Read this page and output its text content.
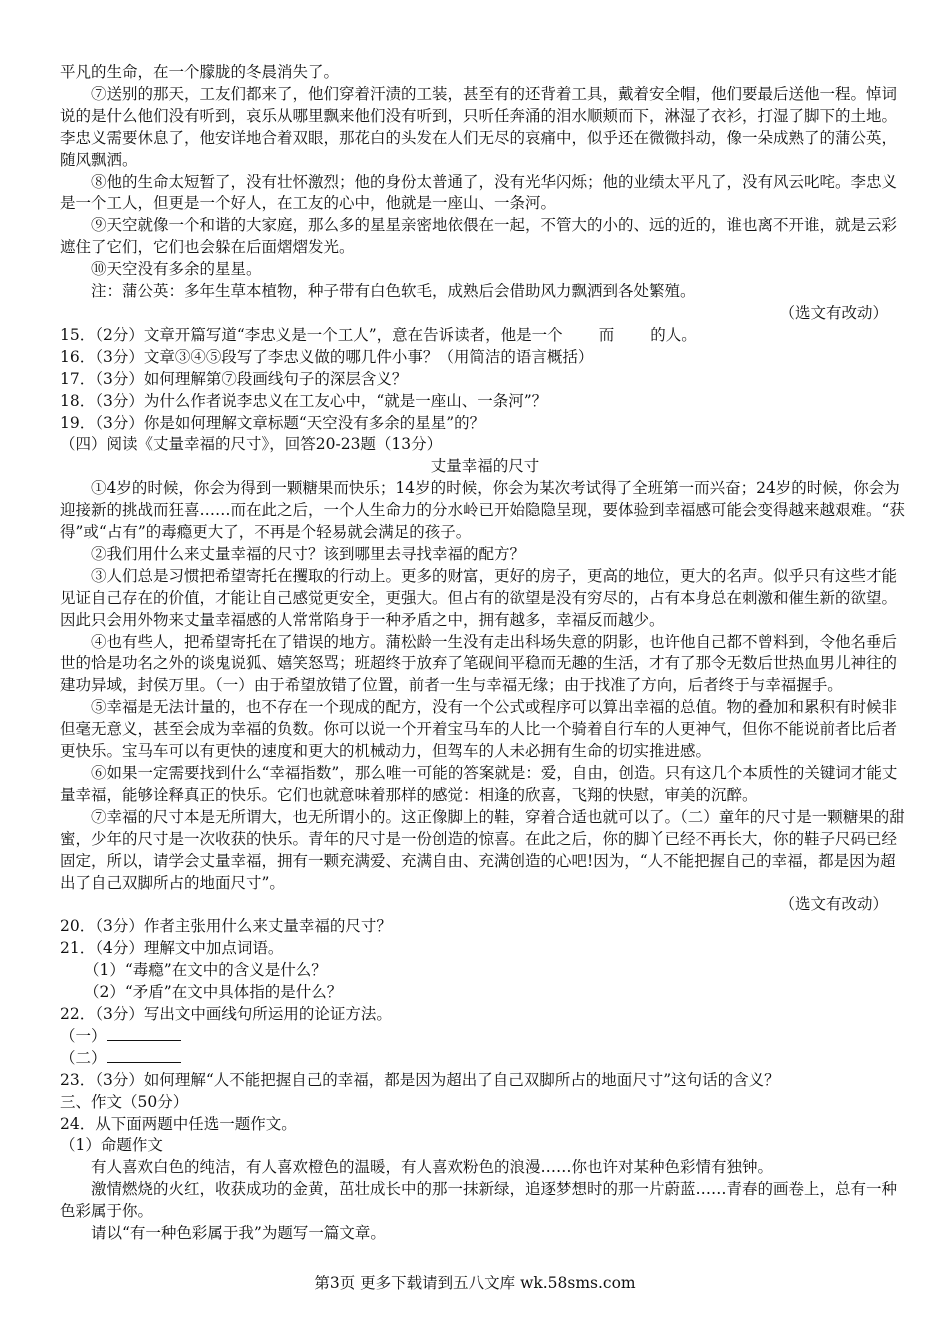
平凡的生命，在一个朦胧的冬晨消失了。

⑦送别的那天，工友们都来了，他们穿着汗渍的工装，甚至有的还背着工具，戴着安全帽，他们要最后送他一程。悼词说的是什么他们没有听到，哀乐从哪里飘来他们没有听到，只听任奔涌的泪水顺颊而下，淋湿了衣衫，打湿了脚下的土地。李忠义需要休息了，他安详地合着双眼，那花白的头发在人们无尽的哀痛中，似乎还在微微抖动，像一朵成熟了的蒲公英，随风飘洒。

⑧他的生命太短暂了，没有壮怀激烈；他的身份太普通了，没有光华闪烁；他的业绩太平凡了，没有风云叱咤。李忠义是一个工人，但更是一个好人，在工友的心中，他就是一座山、一条河。

⑨天空就像一个和谐的大家庭，那么多的星星亲密地依偎在一起，不管大的小的、远的近的，谁也离不开谁，就是云彩遮住了它们，它们也会躲在后面熠熠发光。

⑩天空没有多余的星星。

注：蒲公英：多年生草本植物，种子带有白色软毛，成熟后会借助风力飘洒到各处繁殖。

（选文有改动）

15．（2分）文章开篇写道“李忠义是一个工人”，意在告诉读者，他是一个 而 的人。

16．（3分）文章③④⑤段写了李忠义做的哪几件小事？（用简洁的语言概括）

17．（3分）如何理解第⑦段画线句子的深层含义？

18．（3分）为什么作者说李忠义在工友心中，“就是一座山、一条河”？

19．（3分）你是如何理解文章标题“天空没有多余的星星”的？

（四）阅读《丈量幸福的尺寸》，回答20-23题（13分）

丈量幸福的尺寸

①4岁的时候，你会为得到一颗糖果而快乐；14岁的时候，你会为某次考试得了全班第一而兴奋；24岁的时候，你会为迎接新的挑战而狂喜……而在此之后，一个人生命力的分水岭已开始隐隐呈现，要体验到幸福感可能会变得越来越艰难。“获得”或“占有”的毒瘾更大了，不再是个轻易就会满足的孩子。

②我们用什么来丈量幸福的尺寸？该到哪里去寻找幸福的配方？

③人们总是习惯把希望寄托在攫取的行动上。更多的财富，更好的房子，更高的地位，更大的名声。似乎只有这些才能见证自己存在的价值，才能让自己感觉更安全，更强大。但占有的欲望是没有穷尽的，占有本身总在刺激和催生新的欲望。因此只会用外物来丈量幸福感的人常常陷身于一种矛盾之中，拥有越多，幸福反而越少。

④也有些人，把希望寄托在了错误的地方。蒲松龄一生没有走出科场失意的阴影，也许他自己都不曾料到，令他名垂后世的恰是功名之外的谈鬼说狐、嬉笑怒骂；班超终于放弃了笔砚间平稳而无趣的生活，才有了那令无数后世热血男儿神往的建功异域，封侯万里。（一）由于希望放错了位置，前者一生与幸福无缘；由于找准了方向，后者终于与幸福握手。

⑤幸福是无法计量的，也不存在一个现成的配方，没有一个公式或程序可以算出幸福的总值。物的叠加和累积有时候非但毫无意义，甚至会成为幸福的负数。你可以说一个开着宝马车的人比一个骑着自行车的人更神气，但你不能说前者比后者更快乐。宝马车可以有更快的速度和更大的机械动力，但驾车的人未必拥有生命的切实推进感。

⑥如果一定需要找到什么“幸福指数”，那么唯一可能的答案就是：爱，自由，创造。只有这几个本质性的关键词才能丈量幸福，能够诠释真正的快乐。它们也就意味着那样的感觉：相逢的欣喜，飞翔的快慰，审美的沉醉。

⑦幸福的尺寸本是无所谓大，也无所谓小的。这正像脚上的鞋，穿着合适也就可以了。（二）童年的尺寸是一颗糖果的甜蜜，少年的尺寸是一次收获的快乐。青年的尺寸是一份创造的惊喜。在此之后，你的脚丫已经不再长大，你的鞋子尺码已经固定，所以，请学会丈量幸福，拥有一颗充满爱、充满自由、充满创造的心吧!因为，“人不能把握自己的幸福，都是因为超出了自己双脚所占的地面尺寸”。

（选文有改动）

20．（3分）作者主张用什么来丈量幸福的尺寸？

21．（4分）理解文中加点词语。

（1）“毒瘾”在文中的含义是什么？

（2）“矛盾”在文中具体指的是什么？

22．（3分）写出文中画线句所运用的论证方法。

（一）

（二）

23．（3分）如何理解“人不能把握自己的幸福，都是因为超出了自己双脚所占的地面尺寸”这句话的含义？

三、作文（50分）

24．从下面两题中任选一题作文。

（1）命题作文

有人喜欢白色的纯洁，有人喜欢橙色的温暖，有人喜欢粉色的浪漫……你也许对某种色彩情有独钟。

激情燃烧的火红，收获成功的金黄，茁壮成长中的那一抹新绿，追逐梦想时的那一片蔚蓝……青春的画卷上，总有一种色彩属于你。

请以“有一种色彩属于我”为题写一篇文章。

第3页 更多下载请到五八文库 wk.58sms.com
